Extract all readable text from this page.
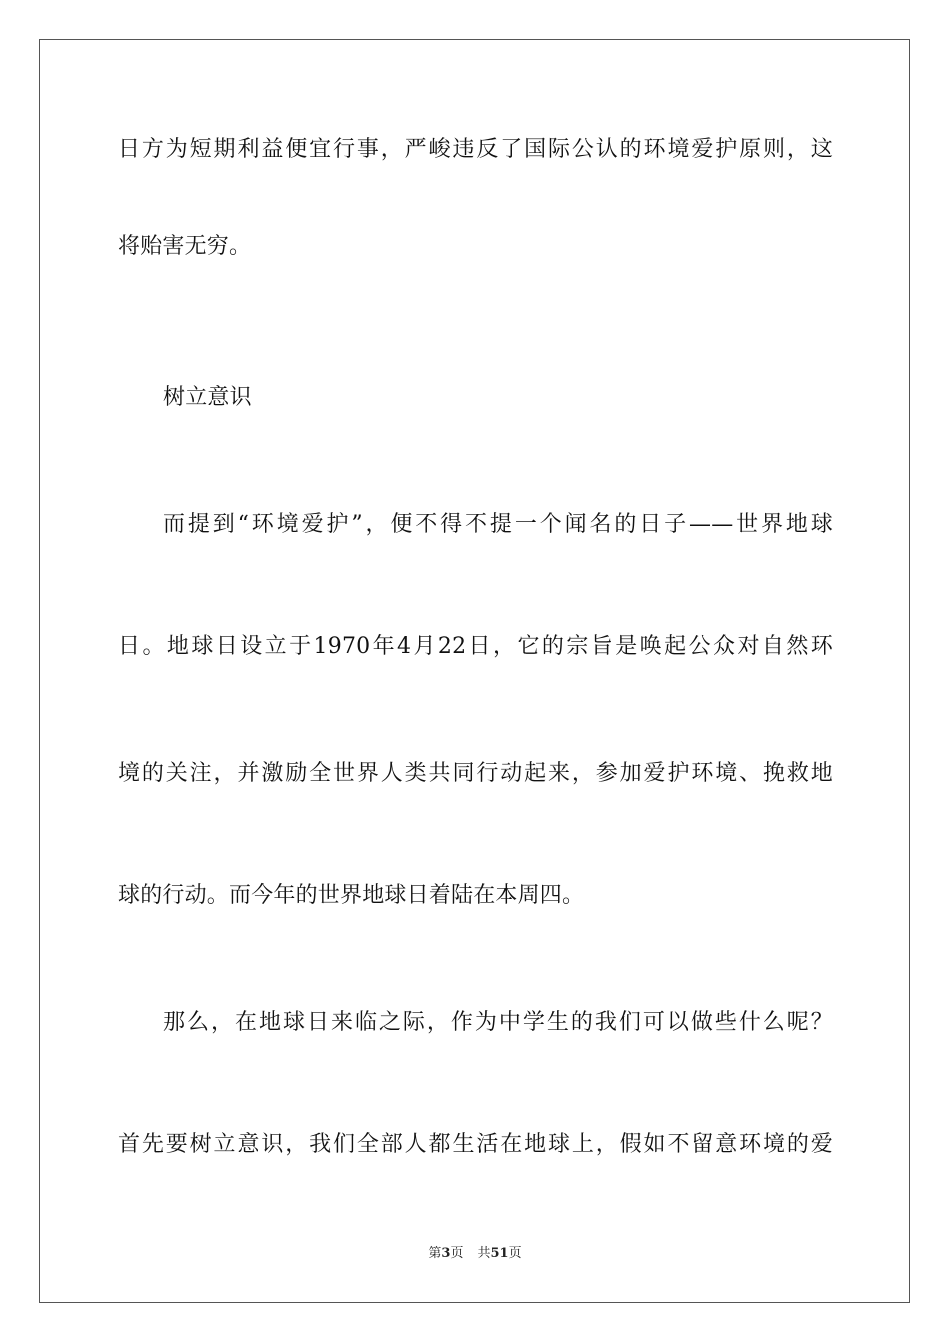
日方为短期利益便宜行事，严峻违反了国际公认的环境爱护原则，这
将贻害无穷。
树立意识
而提到“环境爱护”，便不得不提一个闻名的日子——世界地球
日。地球日设立于1970年4月22日，它的宗旨是唤起公众对自然环
境的关注，并激励全世界人类共同行动起来，参加爱护环境、挽救地
球的行动。而今年的世界地球日着陆在本周四。
那么，在地球日来临之际，作为中学生的我们可以做些什么呢？
首先要树立意识，我们全部人都生活在地球上，假如不留意环境的爱
第3页 共51页
